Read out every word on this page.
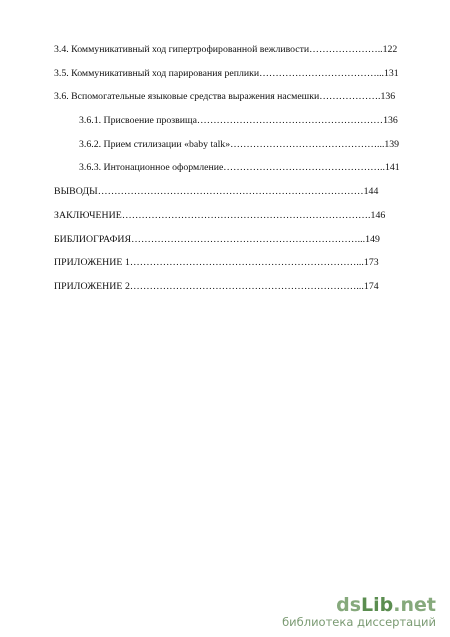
3.4. Коммуникативный ход гипертрофированной вежливости…………………..122
3.5. Коммуникативный ход парирования реплики………………………………...131
3.6. Вспомогательные языковые средства выражения насмешки……………….136
3.6.1. Присвоение прозвища…………………………………………………136
3.6.2. Прием стилизации «baby talk»………………………………………...139
3.6.3. Интонационное оформление…………………………………………..141
ВЫВОДЫ………………………………………………………………………144
ЗАКЛЮЧЕНИЕ………………………………………………………………….146
БИБЛИОГРАФИЯ……………………………………………………………...149
ПРИЛОЖЕНИЕ 1……………………………………………………………...173
ПРИЛОЖЕНИЕ 2……………………………………………………………...174
dsLib.net
библиотека диссертаций
